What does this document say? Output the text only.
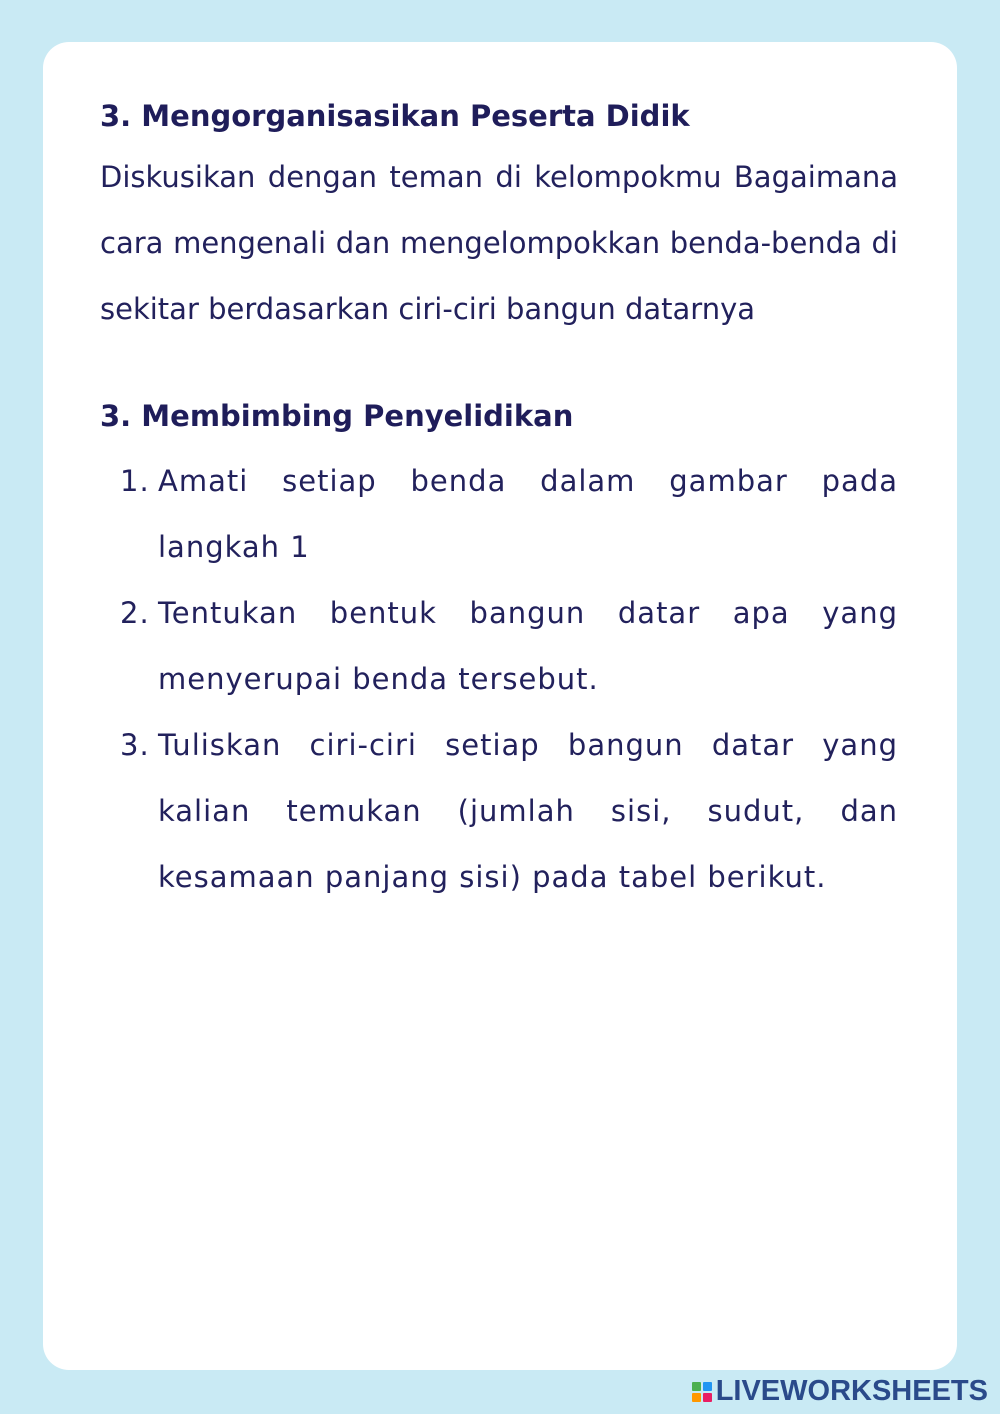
3. Mengorganisasikan Peserta Didik

Diskusikan dengan teman di kelompokmu Bagaimana cara mengenali dan mengelompokkan benda-benda di sekitar berdasarkan ciri-ciri bangun datarnya

3. Membimbing Penyelidikan
1. Amati setiap benda dalam gambar pada langkah 1
2. Tentukan bentuk bangun datar apa yang menyerupai benda tersebut.
3. Tuliskan ciri-ciri setiap bangun datar yang kalian temukan (jumlah sisi, sudut, dan kesamaan panjang sisi) pada tabel berikut.
LIVEWORKSHEETS
